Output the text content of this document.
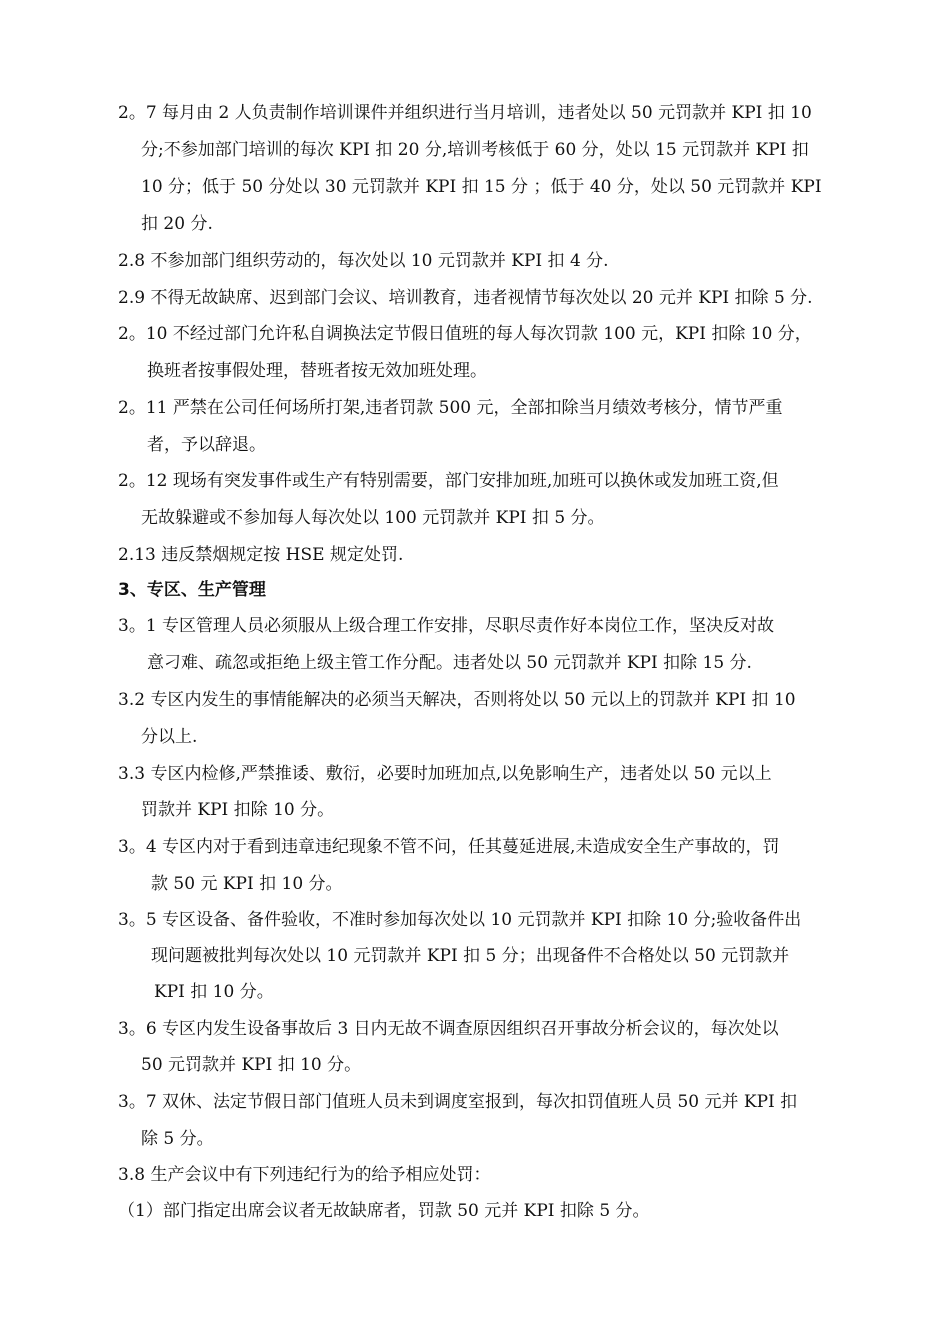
2。7 每月由 2 人负责制作培训课件并组织进行当月培训，违者处以 50 元罚款并 KPI 扣 10
分;不参加部门培训的每次 KPI 扣 20 分,培训考核低于 60 分，处以 15 元罚款并 KPI 扣
10 分；低于 50 分处以 30 元罚款并 KPI 扣 15 分 ；低于 40 分，处以 50 元罚款并 KPI
扣 20 分.
2.8 不参加部门组织劳动的，每次处以 10 元罚款并 KPI 扣 4 分.
2.9 不得无故缺席、迟到部门会议、培训教育，违者视情节每次处以 20 元并 KPI 扣除 5 分.
2。10 不经过部门允许私自调换法定节假日值班的每人每次罚款 100 元，KPI 扣除 10 分，
换班者按事假处理，替班者按无效加班处理。
2。11 严禁在公司任何场所打架,违者罚款 500 元，全部扣除当月绩效考核分，情节严重
者，予以辞退。
2。12 现场有突发事件或生产有特别需要，部门安排加班,加班可以换休或发加班工资,但
无故躲避或不参加每人每次处以 100 元罚款并 KPI 扣 5 分。
2.13 违反禁烟规定按 HSE 规定处罚.
3、专区、生产管理
3。1 专区管理人员必须服从上级合理工作安排，尽职尽责作好本岗位工作，坚决反对故
意刁难、疏忽或拒绝上级主管工作分配。违者处以 50 元罚款并 KPI 扣除 15 分.
3.2 专区内发生的事情能解决的必须当天解决，否则将处以 50 元以上的罚款并 KPI 扣 10
分以上.
3.3 专区内检修,严禁推诿、敷衍，必要时加班加点,以免影响生产，违者处以 50 元以上
罚款并 KPI 扣除 10 分。
3。4 专区内对于看到违章违纪现象不管不问，任其蔓延进展,未造成安全生产事故的，罚
款 50 元 KPI 扣 10 分。
3。5 专区设备、备件验收，不准时参加每次处以 10 元罚款并 KPI 扣除 10 分;验收备件出
现问题被批判每次处以 10 元罚款并 KPI 扣 5 分；出现备件不合格处以 50 元罚款并
KPI 扣 10 分。
3。6 专区内发生设备事故后 3 日内无故不调查原因组织召开事故分析会议的，每次处以
50 元罚款并 KPI 扣 10 分。
3。7 双休、法定节假日部门值班人员未到调度室报到，每次扣罚值班人员 50 元并 KPI 扣
除 5 分。
3.8 生产会议中有下列违纪行为的给予相应处罚：
（1）部门指定出席会议者无故缺席者，罚款 50 元并 KPI 扣除 5 分。
